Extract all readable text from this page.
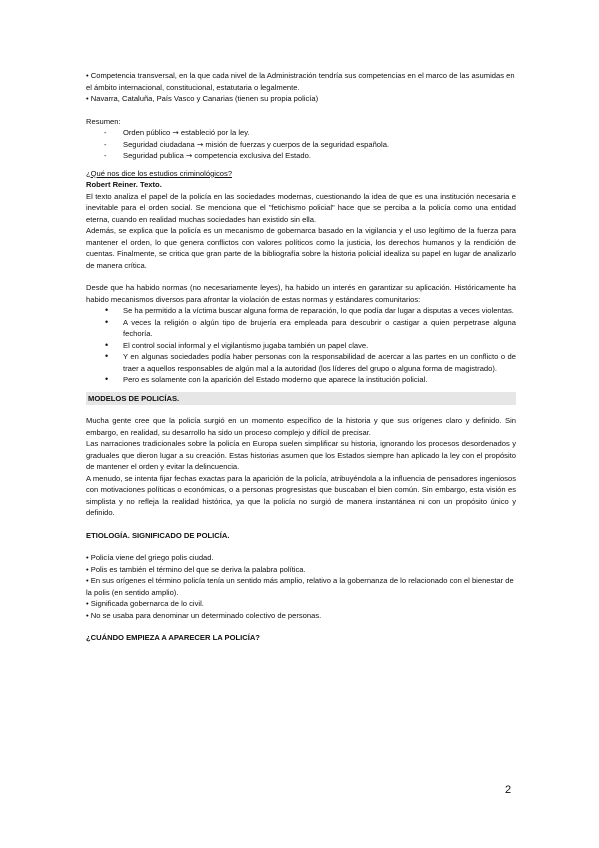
• Competencia transversal, en la que cada nivel de la Administración tendría sus competencias en el marco de las asumidas en el ámbito internacional, constitucional, estatutaria o legalmente.

• Navarra, Cataluña, País Vasco y Canarias (tienen su propia policía)

Resumen:

- Orden público → estableció por la ley.
- Seguridad ciudadana → misión de fuerzas y cuerpos de la seguridad española.
- Seguridad publica → competencia exclusiva del Estado.

¿Qué nos dice los estudios criminológicos?

Robert Reiner. Texto.

El texto analiza el papel de la policía en las sociedades modernas, cuestionando la idea de que es una institución necesaria e inevitable para el orden social. Se menciona que el "fetichismo policial" hace que se perciba a la policía como una entidad eterna, cuando en realidad muchas sociedades han existido sin ella.

Además, se explica que la policía es un mecanismo de gobernarca basado en la vigilancia y el uso legítimo de la fuerza para mantener el orden, lo que genera conflictos con valores políticos como la justicia, los derechos humanos y la rendición de cuentas. Finalmente, se critica que gran parte de la bibliografía sobre la historia policial idealiza su papel en lugar de analizarlo de manera crítica.

Desde que ha habido normas (no necesariamente leyes), ha habido un interés en garantizar su aplicación. Históricamente ha habido mecanismos diversos para afrontar la violación de estas normas y estándares comunitarios:

• Se ha permitido a la víctima buscar alguna forma de reparación, lo que podía dar lugar a disputas a veces violentas.
• A veces la religión o algún tipo de brujería era empleada para descubrir o castigar a quien perpetrase alguna fechoría.
• El control social informal y el vigilantismo jugaba también un papel clave.
• Y en algunas sociedades podía haber personas con la responsabilidad de acercar a las partes en un conflicto o de traer a aquellos responsables de algún mal a la autoridad (los líderes del grupo o alguna forma de magistrado).
• Pero es solamente con la aparición del Estado moderno que aparece la institución policial.
MODELOS DE POLICÍAS.

Mucha gente cree que la policía surgió en un momento específico de la historia y que sus orígenes claro y definido. Sin embargo, en realidad, su desarrollo ha sido un proceso complejo y difícil de precisar.

Las narraciones tradicionales sobre la policía en Europa suelen simplificar su historia, ignorando los procesos desordenados y graduales que dieron lugar a su creación. Estas historias asumen que los Estados siempre han aplicado la ley con el propósito de mantener el orden y evitar la delincuencia.

A menudo, se intenta fijar fechas exactas para la aparición de la policía, atribuyéndola a la influencia de pensadores ingeniosos con motivaciones políticas o económicas, o a personas progresistas que buscaban el bien común. Sin embargo, esta visión es simplista y no refleja la realidad histórica, ya que la policía no surgió de manera instantánea ni con un propósito único y definido.

ETIOLOGÍA. SIGNIFICADO DE POLICÍA.

• Policía viene del griego polis ciudad.

• Polis es también el término del que se deriva la palabra política.

• En sus orígenes el término policía tenía un sentido más amplio, relativo a la gobernanza de lo relacionado con el bienestar de la polis (en sentido amplio).

• Significada gobernarca de lo civil.

• No se usaba para denominar un determinado colectivo de personas.

¿CUÁNDO EMPIEZA A APARECER LA POLICÍA?

2
